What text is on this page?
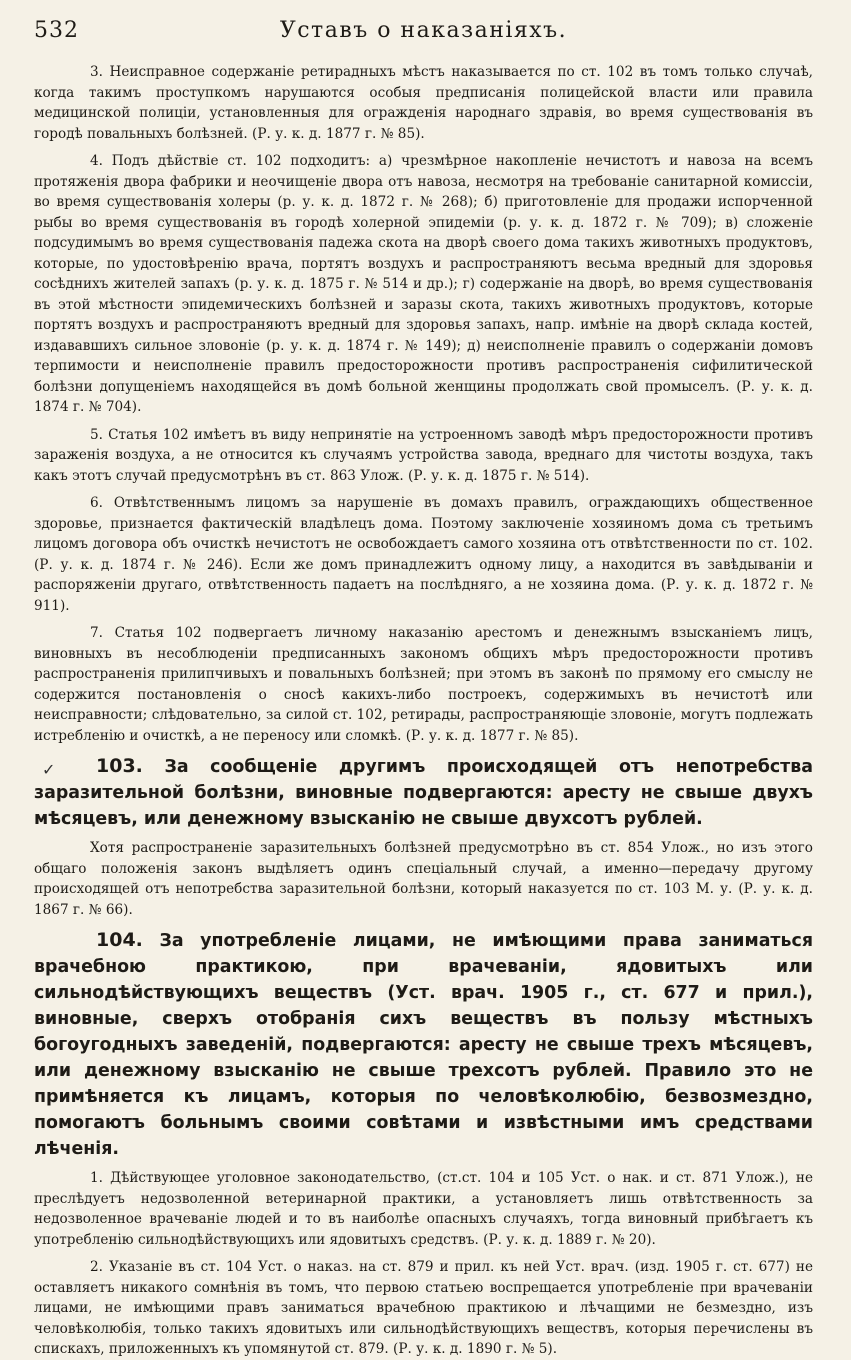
532	Уставъ о наказаніяхъ.

3. Неисправное содержаніе ретирадныхъ мѣстъ наказывается по ст. 102 въ томъ только случаѣ, когда такимъ проступкомъ нарушаются особыя предписанія полицейской власти или правила медицинской полиціи, установленныя для огражденія народнаго здравія, во время существованія въ городѣ повальныхъ болѣзней. (Р. у. к. д. 1877 г. № 85).

4. Подъ дѣйствіе ст. 102 подходитъ: а) чрезмѣрное накопленіе нечистотъ и навоза на всемъ протяженія двора фабрики и неочищеніе двора отъ навоза, несмотря на требованіе санитарной комиссіи, во время существованія холеры (р. у. к. д. 1872 г. № 268); б) приготовленіе для продажи испорченной рыбы во время существованія въ городѣ холерной эпидеміи (р. у. к. д. 1872 г. № 709); в) сложеніе подсудимымъ во время существованія падежа скота на дворѣ своего дома такихъ животныхъ продуктовъ, которые, по удостовѣренію врача, портятъ воздухъ и распространяютъ весьма вредный для здоровья сосѣднихъ жителей запахъ (р. у. к. д. 1875 г. № 514 и др.); г) содержаніе на дворѣ, во время существованія въ этой мѣстности эпидемическихъ болѣзней и заразы скота, такихъ животныхъ продуктовъ, которые портятъ воздухъ и распространяютъ вредный для здоровья запахъ, напр. имѣніе на дворѣ склада костей, издававшихъ сильное зловоніе (р. у. к. д. 1874 г. № 149); д) неисполненіе правилъ о содержаніи домовъ терпимости и неисполненіе правилъ предосторожности противъ распространенія сифилитической болѣзни допущеніемъ находящейся въ домѣ больной женщины продолжать свой промыселъ. (Р. у. к. д. 1874 г. № 704).

5. Статья 102 имѣетъ въ виду непринятіе на устроенномъ заводѣ мѣръ предосторожности противъ зараженія воздуха, а не относится къ случаямъ устройства завода, вреднаго для чистоты воздуха, такъ какъ этотъ случай предусмотрѣнъ въ ст. 863 Улож. (Р. у. к. д. 1875 г. № 514).

6. Отвѣтственнымъ лицомъ за нарушеніе въ домахъ правилъ, ограждающихъ общественное здоровье, признается фактическій владѣлецъ дома. Поэтому заключеніе хозяиномъ дома съ третьимъ лицомъ договора объ очисткѣ нечистотъ не освобождаетъ самого хозяина отъ отвѣтственности по ст. 102. (Р. у. к. д. 1874 г. № 246). Если же домъ принадлежитъ одному лицу, а находится въ завѣдываніи и распоряженіи другаго, отвѣтственность падаетъ на послѣдняго, а не хозяина дома. (Р. у. к. д. 1872 г. № 911).

7. Статья 102 подвергаетъ личному наказанію арестомъ и денежнымъ взысканіемъ лицъ, виновныхъ въ несоблюденіи предписанныхъ закономъ общихъ мѣръ предосторожности противъ распространенія прилипчивыхъ и повальныхъ болѣзней; при этомъ въ законѣ по прямому его смыслу не содержится постановленія о сносѣ какихъ-либо построекъ, содержимыхъ въ нечистотѣ или неисправности; слѣдовательно, за силой ст. 102, ретирады, распространяющіе зловоніе, могутъ подлежать истребленію и очисткѣ, а не переносу или сломкѣ. (Р. у. к. д. 1877 г. № 85).

✓ 103. За сообщеніе другимъ происходящей отъ непотребства заразительной болѣзни, виновные подвергаются: аресту не свыше двухъ мѣсяцевъ, или денежному взысканію не свыше двухсотъ рублей.

Хотя распространеніе заразительныхъ болѣзней предусмотрѣно въ ст. 854 Улож., но изъ этого общаго положенія законъ выдѣляетъ одинъ спеціальный случай, а именно—передачу другому происходящей отъ непотребства заразительной болѣзни, который наказуется по ст. 103 М. у. (Р. у. к. д. 1867 г. № 66).

104. За употребленіе лицами, не имѣющими права заниматься врачебною практикою, при врачеваніи, ядовитыхъ или сильнодѣйствующихъ веществъ (Уст. врач. 1905 г., ст. 677 и прил.), виновные, сверхъ отобранія сихъ веществъ въ пользу мѣстныхъ богоугодныхъ заведеній, подвергаются: аресту не свыше трехъ мѣсяцевъ, или денежному взысканію не свыше трехсотъ рублей. Правило это не примѣняется къ лицамъ, которыя по человѣколюбію, безвозмездно, помогаютъ больнымъ своими совѣтами и извѣстными имъ средствами лѣченія.

1. Дѣйствующее уголовное законодательство, (ст.ст. 104 и 105 Уст. о нак. и ст. 871 Улож.), не преслѣдуетъ недозволенной ветеринарной практики, а установляетъ лишь отвѣтственность за недозволенное врачеваніе людей и то въ наиболѣе опасныхъ случаяхъ, тогда виновный прибѣгаетъ къ употребленію сильнодѣйствующихъ или ядовитыхъ средствъ. (Р. у. к. д. 1889 г. № 20).

2. Указаніе въ ст. 104 Уст. о наказ. на ст. 879 и прил. къ ней Уст. врач. (изд. 1905 г. ст. 677) не оставляетъ никакого сомнѣнія въ томъ, что первою статьею воспрещается употребленіе при врачеваніи лицами, не имѣющими правъ заниматься врачебною практикою и лѣчащими не безмездно, изъ человѣколюбія, только такихъ ядовитыхъ или сильнодѣйствующихъ веществъ, которыя перечислены въ спискахъ, приложенныхъ къ упомянутой ст. 879. (Р. у. к. д. 1890 г. № 5).
